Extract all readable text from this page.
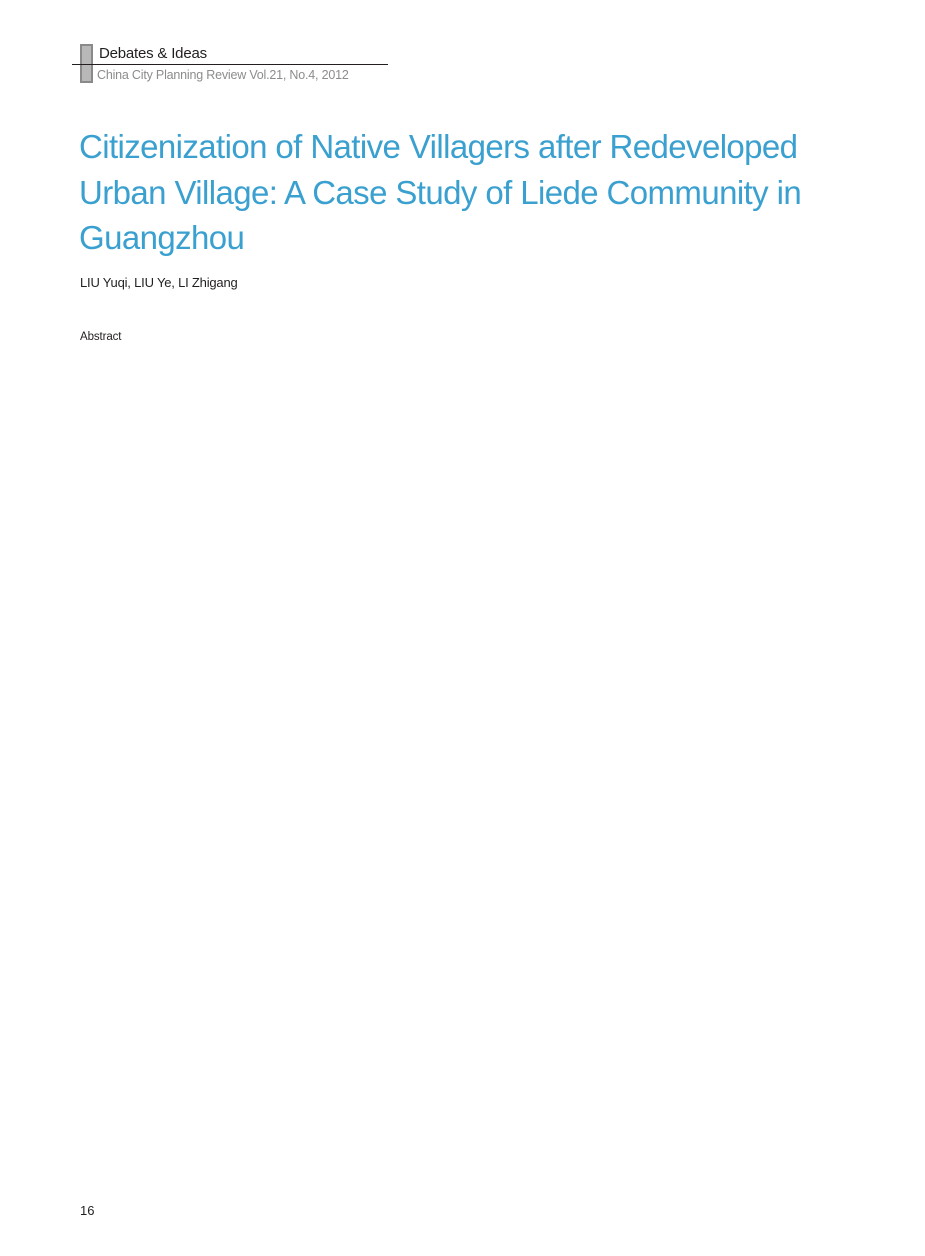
Debates & Ideas
China City Planning Review Vol.21, No.4, 2012
Citizenization of Native Villagers after Redeveloped Urban Village: A Case Study of Liede Community in Guangzhou
LIU Yuqi, LIU Ye, LI Zhigang
Abstract
16
